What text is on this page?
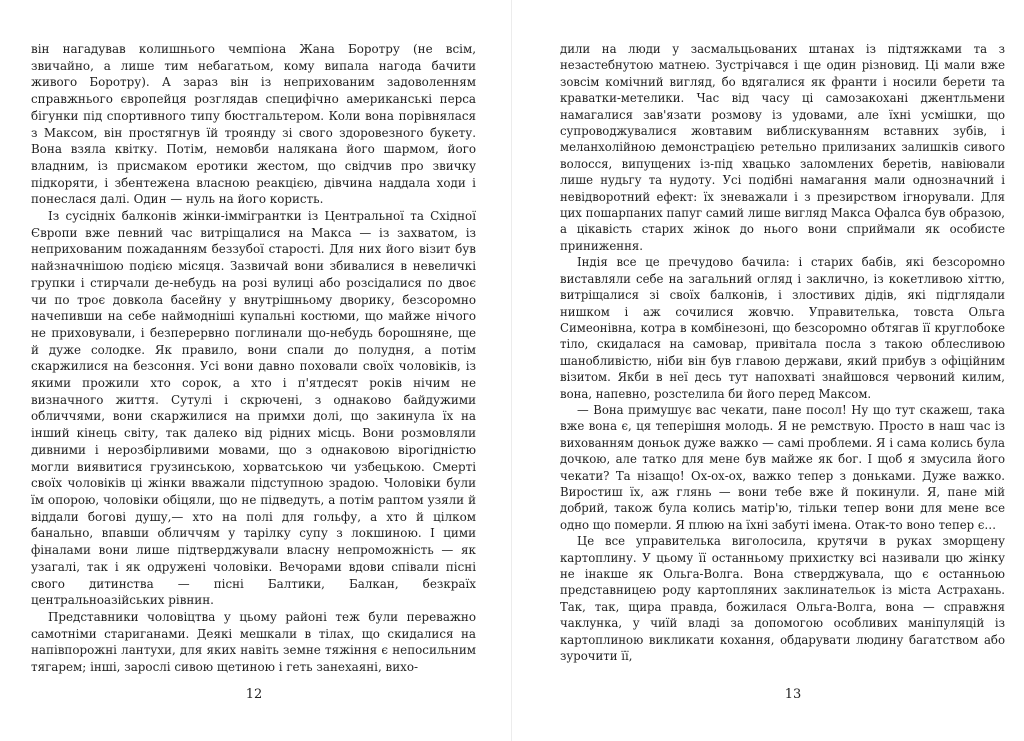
він нагадував колишнього чемпіона Жана Боротру (не всім, звичайно, а лише тим небагатьом, кому випала нагода бачити живого Боротру). А зараз він із неприхованим задоволенням справжнього європейця розглядав специфічно американські перса бігунки під спортивного типу бюстгальтером. Коли вона порівнялася з Максом, він простягнув їй троянду зі свого здоровезного букету. Вона взяла квітку. Потім, немовби налякана його шармом, його владним, із присмаком еротики жестом, що свідчив про звичку підкоряти, і збентежена власною реакцією, дівчина наддала ходи і понеслася далі. Один — нуль на його користь.

Із сусідніх балконів жінки-іммігрантки із Центральної та Східної Європи вже певний час витріщалися на Макса — із захватом, із неприхованим пожаданням беззубої старості. Для них його візит був найзначнішою подією місяця. Зазвичай вони збивалися в невеличкі групки і стирчали де-небудь на розі вулиці або розсідалися по двоє чи по троє довкола басейну у внутрішньому дворику, безсоромно начепивши на себе наймодніші купальні костюми, що майже нічого не приховували, і безперервно поглинали що-небудь борошняне, ще й дуже солодке. Як правило, вони спали до полудня, а потім скаржилися на безсоння. Усі вони давно поховали своїх чоловіків, із якими прожили хто сорок, а хто і п'ятдесят років нічим не визначного життя. Сутулі і скрючені, з однаково байдужими обличчями, вони скаржилися на примхи долі, що закинула їх на інший кінець світу, так далеко від рідних місць. Вони розмовляли дивними і нерозбірливими мовами, що з однаковою вірогідністю могли виявитися грузинською, хорватською чи узбецькою. Смерті своїх чоловіків ці жінки вважали підступною зрадою. Чоловіки були їм опорою, чоловіки обіцяли, що не підведуть, а потім раптом узяли й віддали богові душу,— хто на полі для гольфу, а хто й цілком банально, впавши обличчям у тарілку супу з локшиною. І цими фіналами вони лише підтверджували власну непроможність — як узагалі, так і як одружені чоловіки. Вечорами вдови співали пісні свого дитинства — пісні Балтики, Балкан, безкраїх центральноазійських рівнин.

Представники чоловіцтва у цьому районі теж були переважно самотніми стариганами. Деякі мешкали в тілах, що скидалися на напівпорожні лантухи, для яких навіть земне тяжіння є непосильним тягарем; інші, зарослі сивою щетиною і геть занехаяні, вихо-

12

дили на люди у засмальцьованих штанах із підтяжками та з незастебнутою матнею. Зустрічався і ще один різновид. Ці мали вже зовсім комічний вигляд, бо вдягалися як франти і носили берети та краватки-метелики. Час від часу ці самозакохані джентльмени намагалися зав'язати розмову із удовами, але їхні усмішки, що супроводжувалися жовтавим виблискуванням вставних зубів, і меланхолійною демонстрацією ретельно прилизаних залишків сивого волосся, випущених із-під хвацько заломлених беретів, навіювали лише нудьгу та нудоту. Усі подібні намагання мали однозначний і невідворотний ефект: їх зневажали і з презирством ігнорували. Для цих пошарпаних папуг самий лише вигляд Макса Офалса був образою, а цікавість старих жінок до нього вони сприймали як особисте приниження.

Індія все це пречудово бачила: і старих бабів, які безсоромно виставляли себе на загальний огляд і заклично, із кокетливою хіттю, витріщалися зі своїх балконів, і злостивих дідів, які підглядали нишком і аж сочилися жовчю. Управителька, товста Ольга Симеонівна, котра в комбінезоні, що безсоромно обтягав її круглобоке тіло, скидалася на самовар, привітала посла з такою облесливою шанобливістю, ніби він був главою держави, який прибув з офіційним візитом. Якби в неї десь тут напохваті знайшовся червоний килим, вона, напевно, розстелила би його перед Максом.

— Вона примушує вас чекати, пане посол! Ну що тут скажеш, така вже вона є, ця теперішня молодь. Я не ремствую. Просто в наш час із вихованням доньок дуже важко — самі проблеми. Я і сама колись була дочкою, але татко для мене був майже як бог. І щоб я змусила його чекати? Та нізащо! Ох-ох-ох, важко тепер з доньками. Дуже важко. Виростиш їх, аж глянь — вони тебе вже й покинули. Я, пане мій добрий, також була колись матір'ю, тільки тепер вони для мене все одно що померли. Я плюю на їхні забуті імена. Отак-то воно тепер є…

Це все управителька виголосила, крутячи в руках зморщену картоплину. У цьому її останньому прихистку всі називали цю жінку не інакше як Ольга-Волга. Вона стверджувала, що є останньою представницею роду картопляних заклинательок із міста Астрахань. Так, так, щира правда, божилася Ольга-Волга, вона — справжня чаклунка, у чиїй владі за допомогою особливих маніпуляцій із картоплиною викликати кохання, обдарувати людину багатством або зурочити її,

13
